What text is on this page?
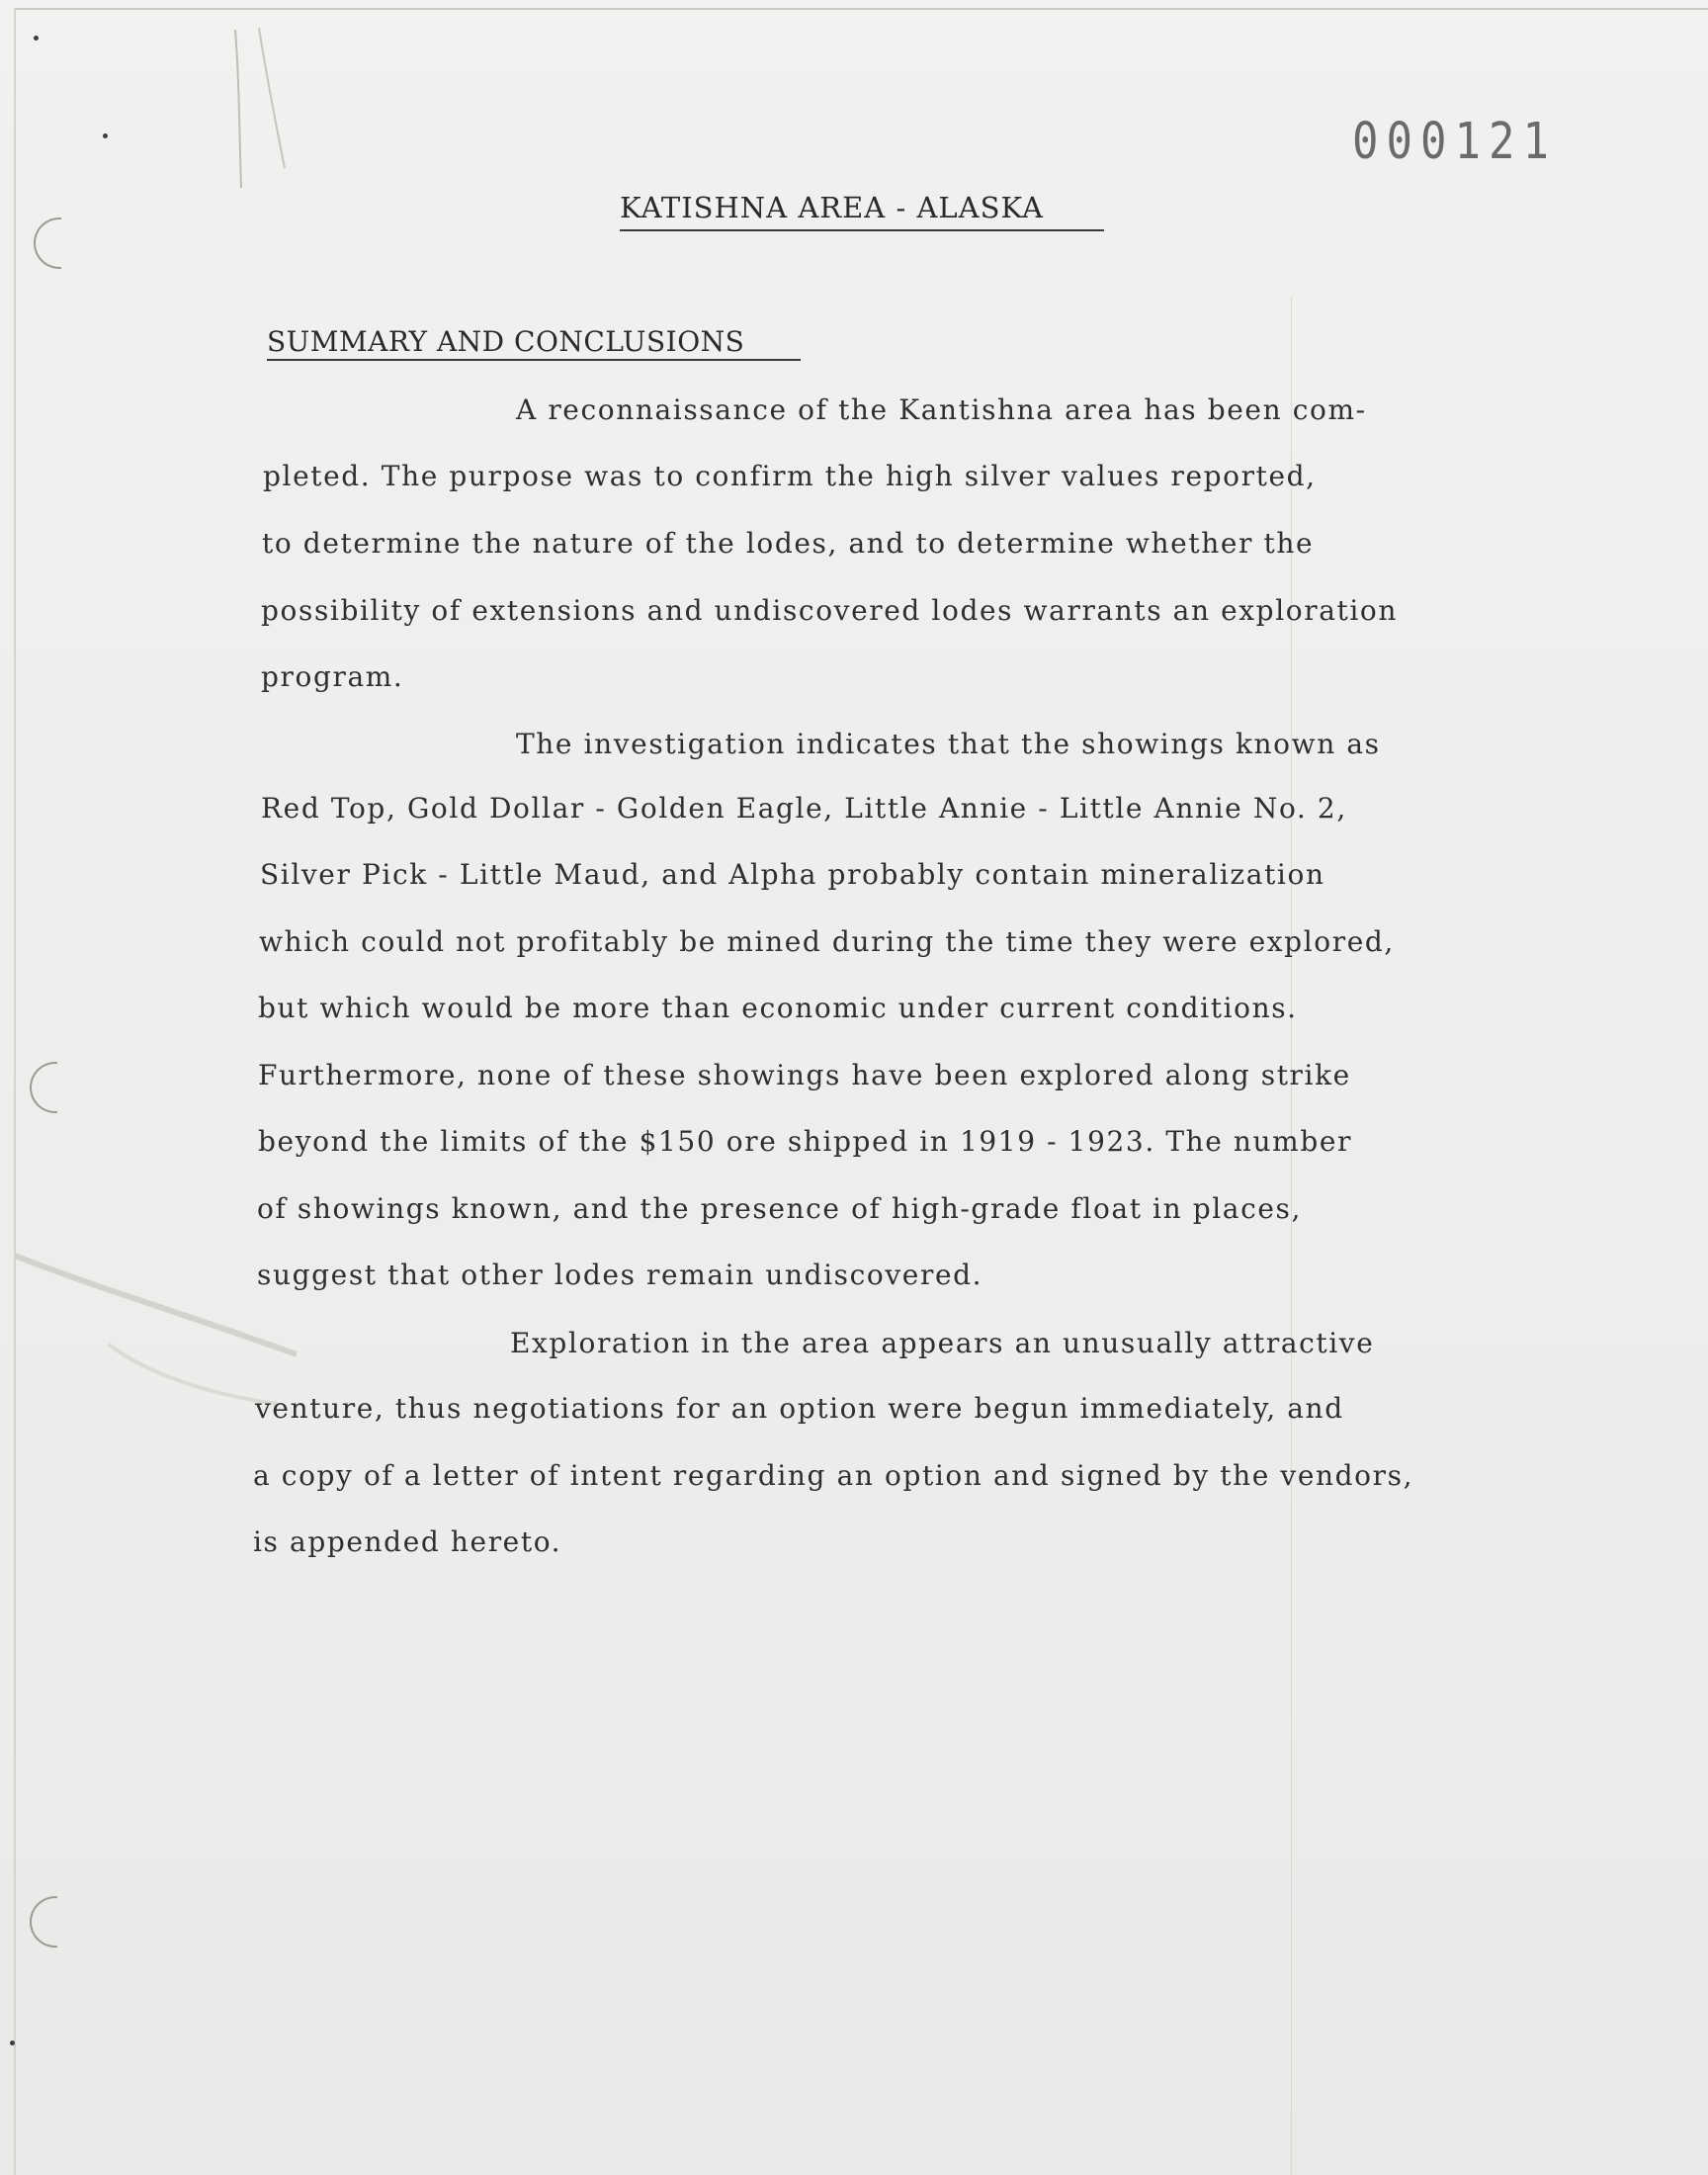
000121
KATISHNA AREA - ALASKA
SUMMARY AND CONCLUSIONS
A reconnaissance of the Kantishna area has been com-
pleted. The purpose was to confirm the high silver values reported,
to determine the nature of the lodes, and to determine whether the
possibility of extensions and undiscovered lodes warrants an exploration
program.
The investigation indicates that the showings known as
Red Top, Gold Dollar - Golden Eagle, Little Annie - Little Annie No. 2,
Silver Pick - Little Maud, and Alpha probably contain mineralization
which could not profitably be mined during the time they were explored,
but which would be more than economic under current conditions.
Furthermore, none of these showings have been explored along strike
beyond the limits of the $150 ore shipped in 1919 - 1923. The number
of showings known, and the presence of high-grade float in places,
suggest that other lodes remain undiscovered.
Exploration in the area appears an unusually attractive
venture, thus negotiations for an option were begun immediately, and
a copy of a letter of intent regarding an option and signed by the vendors,
is appended hereto.
